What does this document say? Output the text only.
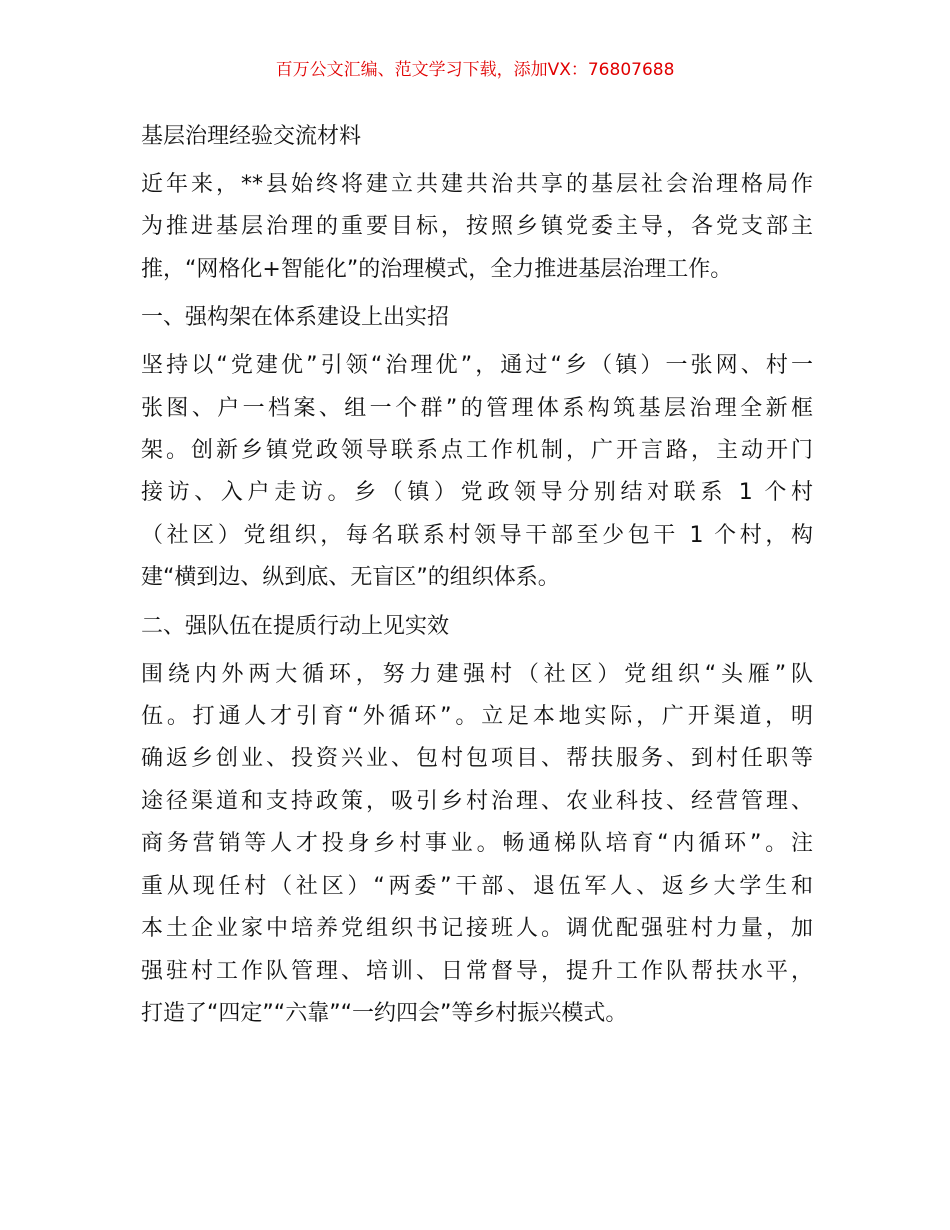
百万公文汇编、范文学习下载，添加VX：76807688
基层治理经验交流材料
近年来，**县始终将建立共建共治共享的基层社会治理格局作
为推进基层治理的重要目标，按照乡镇党委主导，各党支部主
推，“网格化+智能化”的治理模式，全力推进基层治理工作。
一、强构架在体系建设上出实招
坚持以“党建优”引领“治理优”，通过“乡（镇）一张网、村一
张图、户一档案、组一个群”的管理体系构筑基层治理全新框
架。创新乡镇党政领导联系点工作机制，广开言路，主动开门
接访、入户走访。乡（镇）党政领导分别结对联系 1 个村
（社区）党组织，每名联系村领导干部至少包干 1 个村，构
建“横到边、纵到底、无盲区”的组织体系。
二、强队伍在提质行动上见实效
围绕内外两大循环，努力建强村（社区）党组织“头雁”队
伍。打通人才引育“外循环”。立足本地实际，广开渠道，明
确返乡创业、投资兴业、包村包项目、帮扶服务、到村任职等
途径渠道和支持政策，吸引乡村治理、农业科技、经营管理、
商务营销等人才投身乡村事业。畅通梯队培育“内循环”。注
重从现任村（社区）“两委”干部、退伍军人、返乡大学生和
本土企业家中培养党组织书记接班人。调优配强驻村力量，加
强驻村工作队管理、培训、日常督导，提升工作队帮扶水平，
打造了“四定”“六靠”“一约四会”等乡村振兴模式。
